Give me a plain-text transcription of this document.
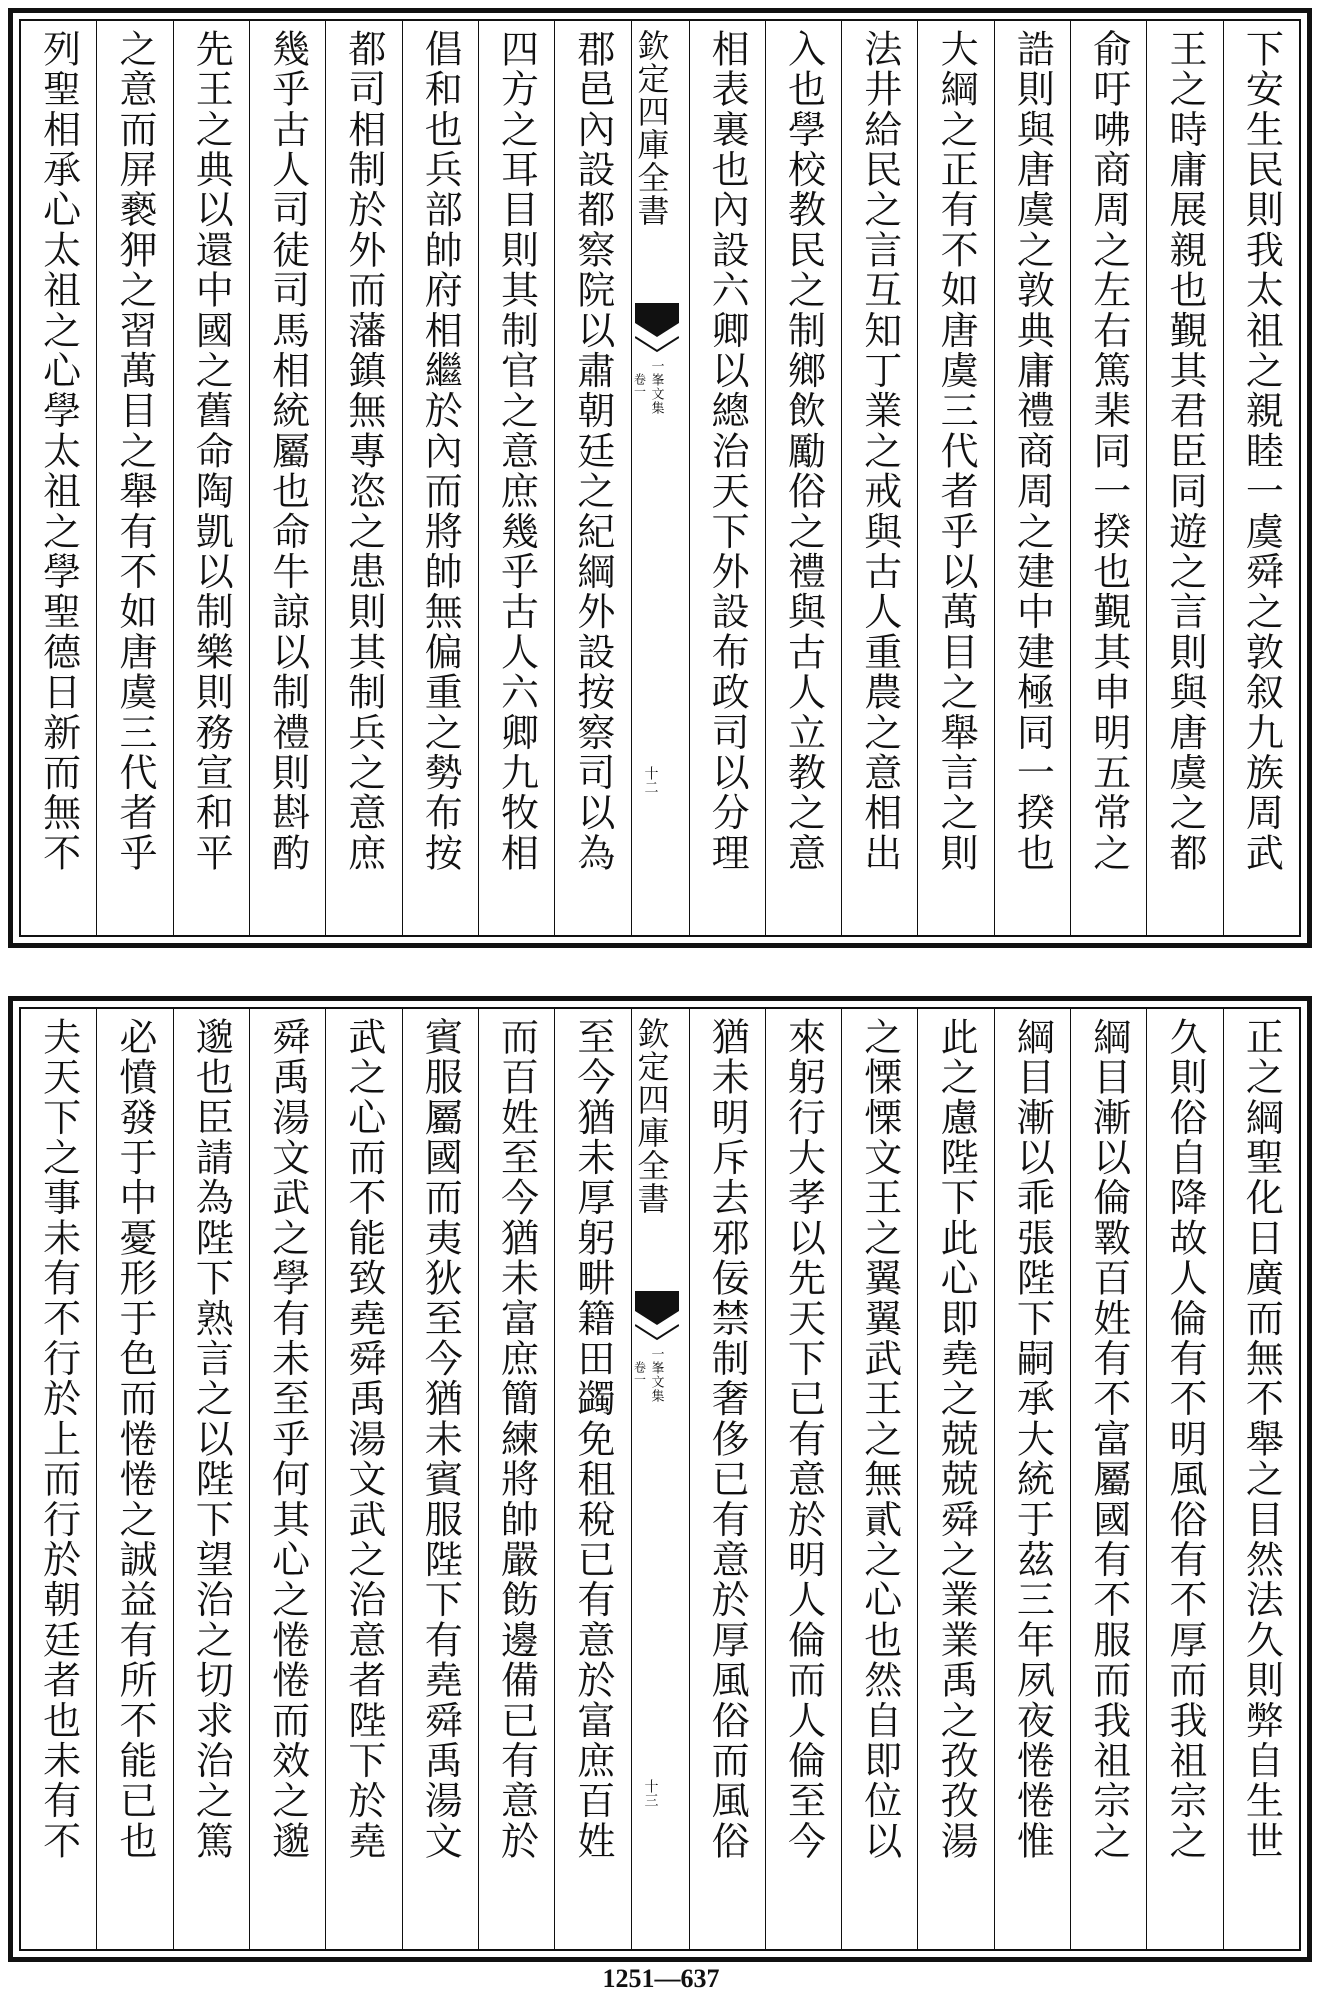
下安生民則我太祖之親睦一虞舜之敦叙九族周武
王之時庸展親也覲其君臣同遊之言則與唐虞之都
俞吁咈商周之左右篤棐同一揆也覲其申明五常之
誥則與唐虞之敦典庸禮商周之建中建極同一揆也
大綱之正有不如唐虞三代者乎以萬目之舉言之則
法井給民之言互知丁業之戒與古人重農之意相出
入也學校教民之制鄉飲勵俗之禮與古人立教之意
相表裏也內設六卿以總治天下外設布政司以分理
欽定四庫全書
一峯文集
卷一
十二
郡邑內設都察院以肅朝廷之紀綱外設按察司以為
四方之耳目則其制官之意庶幾乎古人六卿九牧相
倡和也兵部帥府相繼於內而將帥無偏重之勢布按
都司相制於外而藩鎮無專恣之患則其制兵之意庶
幾乎古人司徒司馬相統屬也命牛諒以制禮則斟酌
先王之典以還中國之舊命陶凱以制樂則務宣和平
之意而屏褻狎之習萬目之舉有不如唐虞三代者乎
列聖相承心太祖之心學太祖之學聖德日新而無不
正之綱聖化日廣而無不舉之目然法久則弊自生世
久則俗自降故人倫有不明風俗有不厚而我祖宗之
綱目漸以倫斁百姓有不富屬國有不服而我祖宗之
綱目漸以乖張陛下嗣承大統于茲三年夙夜惓惓惟
此之慮陛下此心即堯之兢兢舜之業業禹之孜孜湯
之慄慄文王之翼翼武王之無貳之心也然自即位以
來躬行大孝以先天下已有意於明人倫而人倫至今
猶未明斥去邪佞禁制奢侈已有意於厚風俗而風俗
欽定四庫全書
一峯文集
卷一
十三
至今猶未厚躬畊籍田蠲免租稅已有意於富庶百姓
而百姓至今猶未富庶簡練將帥嚴飭邊備已有意於
賓服屬國而夷狄至今猶未賓服陛下有堯舜禹湯文
武之心而不能致堯舜禹湯文武之治意者陛下於堯
舜禹湯文武之學有未至乎何其心之惓惓而效之邈
邈也臣請為陛下熟言之以陛下望治之切求治之篤
必憤發于中憂形于色而惓惓之誠益有所不能已也
夫天下之事未有不行於上而行於朝廷者也未有不
1251—637
